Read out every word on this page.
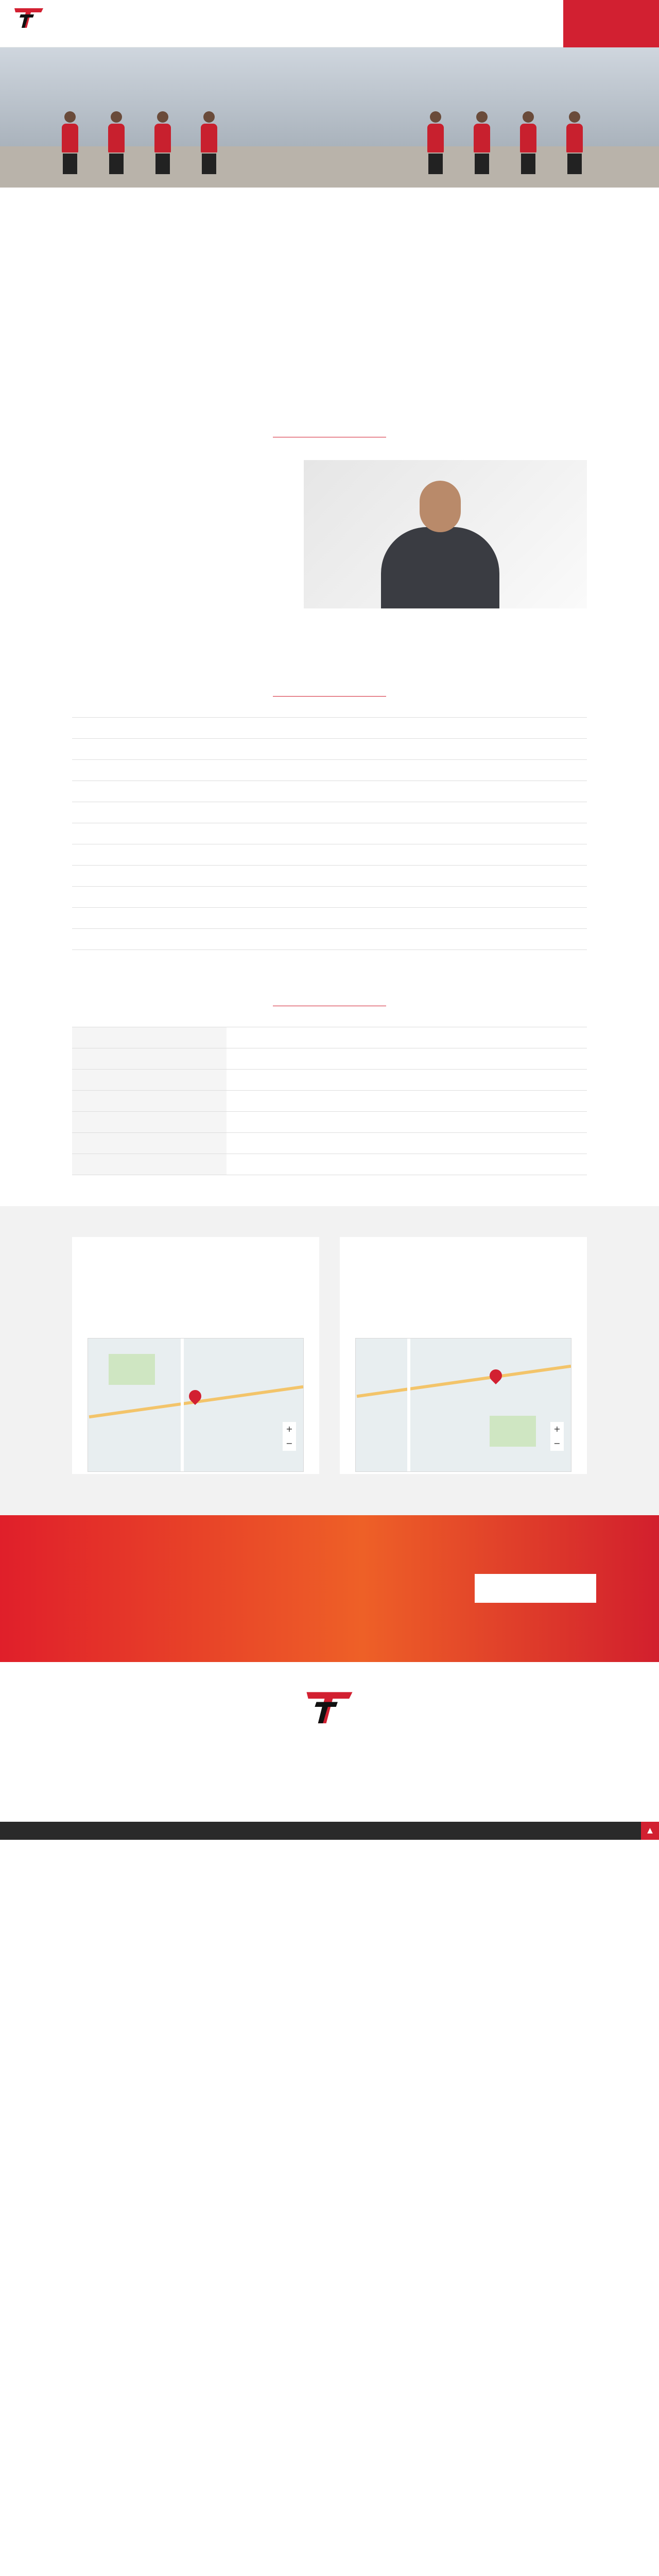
+
−
+
−
▲
